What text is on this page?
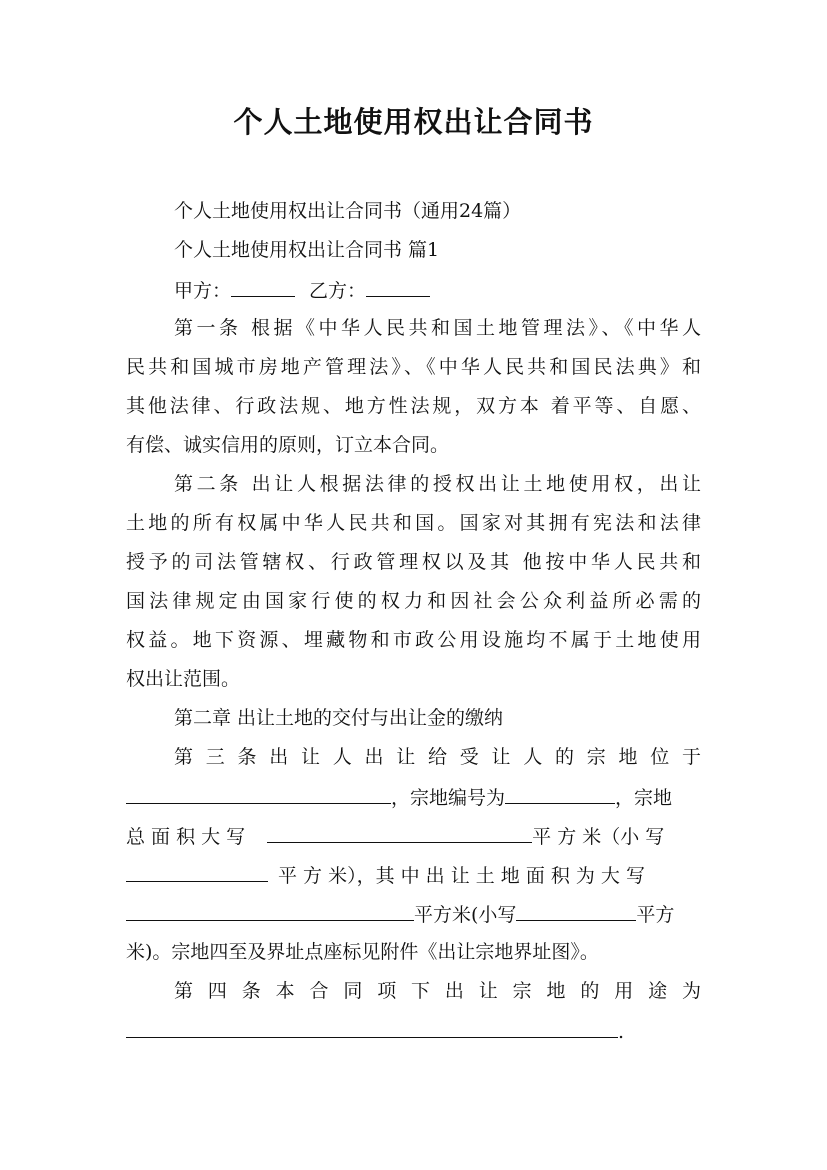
个人土地使用权出让合同书
个人土地使用权出让合同书（通用24篇）
个人土地使用权出让合同书 篇1
甲方：	乙方：
第一条 根据《中华人民共和国土地管理法》、《中华人
民共和国城市房地产管理法》、《中华人民共和国民法典》和
其他法律、行政法规、地方性法规，双方本 着平等、自愿、
有偿、诚实信用的原则，订立本合同。
第二条 出让人根据法律的授权出让土地使用权，出让
土地的所有权属中华人民共和国。国家对其拥有宪法和法律
授予的司法管辖权、行政管理权以及其 他按中华人民共和
国法律规定由国家行使的权力和因社会公众利益所必需的
权益。地下资源、埋藏物和市政公用设施均不属于土地使用
权出让范围。
第二章 出让土地的交付与出让金的缴纳
第 三 条 出 让 人 出 让 给 受 让 人 的 宗 地 位 于
，宗地编号为	，宗地
总 面 积 大 写	平 方 米（小 写
平 方 米），其 中 出 让 土 地 面 积 为 大 写
平方米(小写	平方
米)。宗地四至及界址点座标见附件《出让宗地界址图》。
第 四 条 本 合 同 项 下 出 让 宗 地 的 用 途 为
.
